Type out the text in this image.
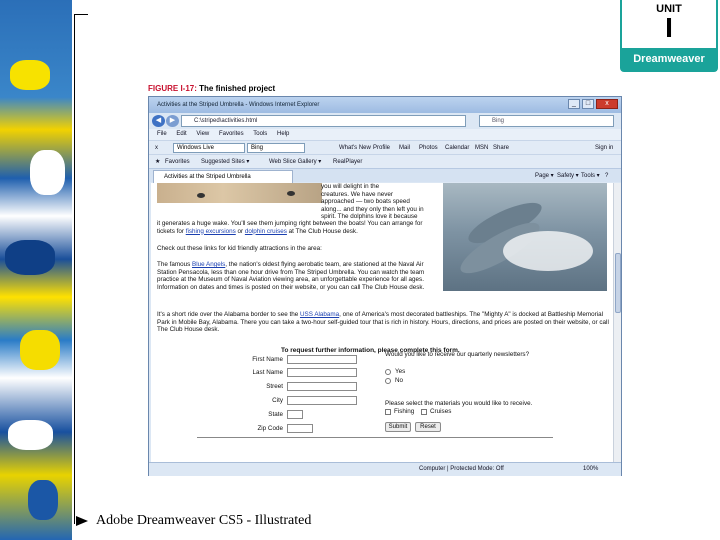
UNIT
I
Dreamweaver CS5
FIGURE I-17: The finished project
Activities at the Striped Umbrella - Windows Internet Explorer	_	□	x
◀	▶	C:\striped\activities.html	Bing
File Edit View Favorites Tools Help
x	Windows Live	Bing	What's New Profile Mail Photos Calendar MSN Share	Sign in
★ Favorites Suggested Sites ▾	Web Slice Gallery ▾ RealPlayer
Activities at the Striped Umbrella	Page ▾ Safety ▾ Tools ▾ ?
you will delight in the
creatures. We have never
approached — two boats speed
along... and they only then left you in
spirit. The dolphins love it because
it generates a huge wake. You'll see them jumping right between the boats! You can arrange for tickets for fishing excursions or dolphin cruises at The Club House desk.
Check out these links for kid friendly attractions in the area:
The famous Blue Angels, the nation's oldest flying aerobatic team, are stationed at the Naval Air Station Pensacola, less than one hour drive from The Striped Umbrella. You can watch the team practice at the Museum of Naval Aviation viewing area, an unforgettable experience for all ages. Information on dates and times is posted on their website, or you can call The Club House desk.
It's a short ride over the Alabama border to see the USS Alabama, one of America's most decorated battleships. The "Mighty A" is docked at Battleship Memorial Park in Mobile Bay, Alabama. There you can take a two-hour self-guided tour that is rich in history. Hours, directions, and prices are posted on their website, or call The Club House desk.
To request further information, please complete this form.
First Name
Last Name
Street
City
State
Zip Code
Would you like to receive our quarterly newsletters?
Yes
No
Please select the materials you would like to receive.
Fishing Cruises
Submit	Reset
Computer | Protected Mode: Off	100%
Adobe Dreamweaver CS5 - Illustrated
